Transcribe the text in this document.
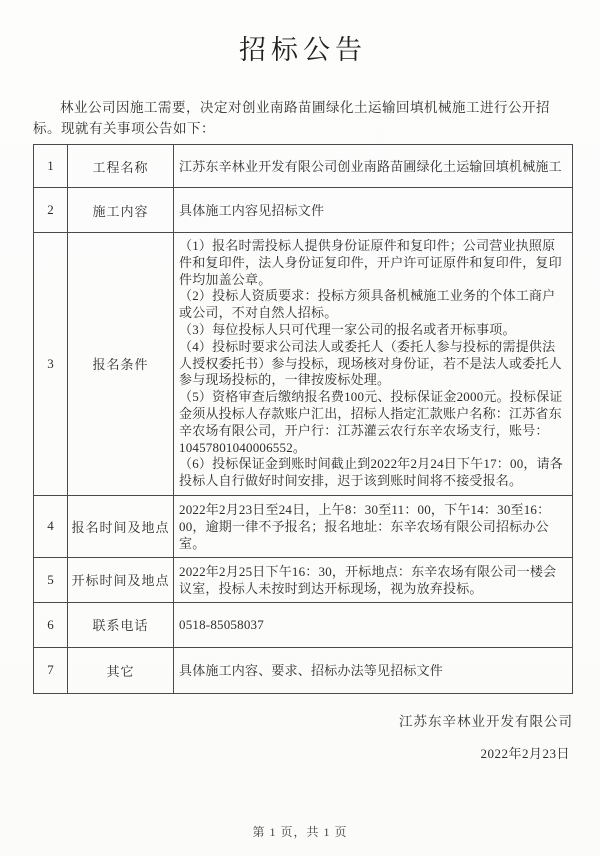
招标公告

林业公司因施工需要，决定对创业南路苗圃绿化土运输回填机械施工进行公开招标。现就有关事项公告如下：

1	工程名称	江苏东辛林业开发有限公司创业南路苗圃绿化土运输回填机械施工
2	施工内容	具体施工内容见招标文件
3	报名条件	（1）报名时需投标人提供身份证原件和复印件；公司营业执照原件和复印件，法人身份证复印件，开户许可证原件和复印件，复印件均加盖公章。
（2）投标人资质要求：投标方须具备机械施工业务的个体工商户或公司，不对自然人招标。
（3）每位投标人只可代理一家公司的报名或者开标事项。
（4）投标时要求公司法人或委托人（委托人参与投标的需提供法人授权委托书）参与投标，现场核对身份证，若不是法人或委托人参与现场投标的，一律按废标处理。
（5）资格审查后缴纳报名费100元、投标保证金2000元。投标保证金须从投标人存款账户汇出，招标人指定汇款账户名称：江苏省东辛农场有限公司，开户行：江苏灌云农行东辛农场支行，账号：10457801040006552。
（6）投标保证金到账时间截止到2022年2月24日下午17：00，请各投标人自行做好时间安排，迟于该到账时间将不接受报名。
4	报名时间及地点	2022年2月23日至24日，上午8：30至11：00，下午14：30至16：00，逾期一律不予报名；报名地址：东辛农场有限公司招标办公室。
5	开标时间及地点	2022年2月25日下午16：30，开标地点：东辛农场有限公司一楼会议室，投标人未按时到达开标现场，视为放弃投标。
6	联系电话	0518-85058037
7	其它	具体施工内容、要求、招标办法等见招标文件
江苏东辛林业开发有限公司
2022年2月23日
第 1 页，共 1 页
